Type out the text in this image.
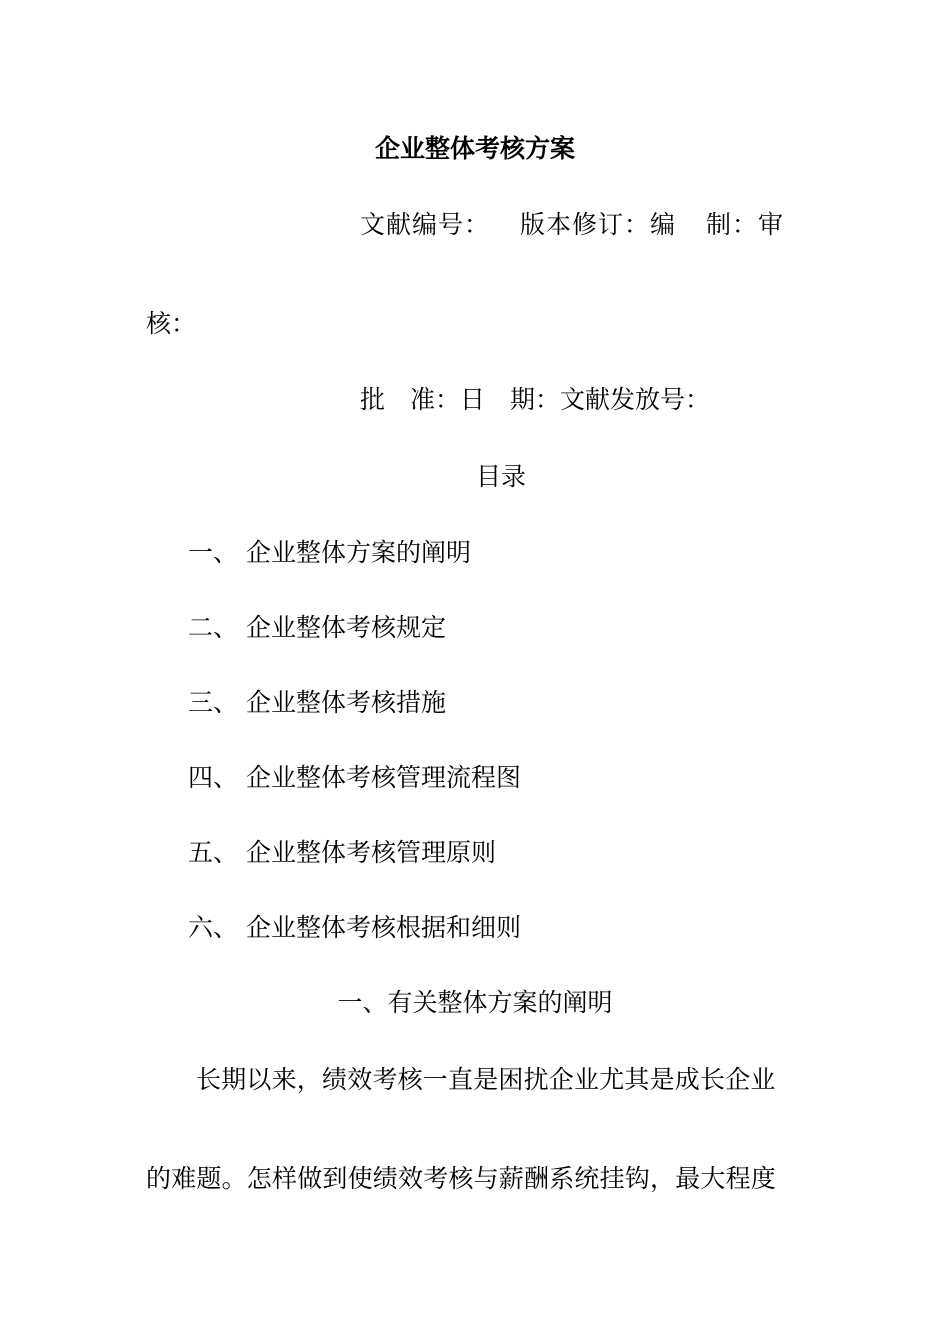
企业整体考核方案
文献编号： 版本修订：编 制：审
核：
批　准：日　期：文献发放号：
目录
一、 企业整体方案的阐明
二、 企业整体考核规定
三、 企业整体考核措施
四、 企业整体考核管理流程图
五、 企业整体考核管理原则
六、 企业整体考核根据和细则
一、有关整体方案的阐明
长期以来，绩效考核一直是困扰企业尤其是成长企业
的难题。怎样做到使绩效考核与薪酬系统挂钩，最大程度
